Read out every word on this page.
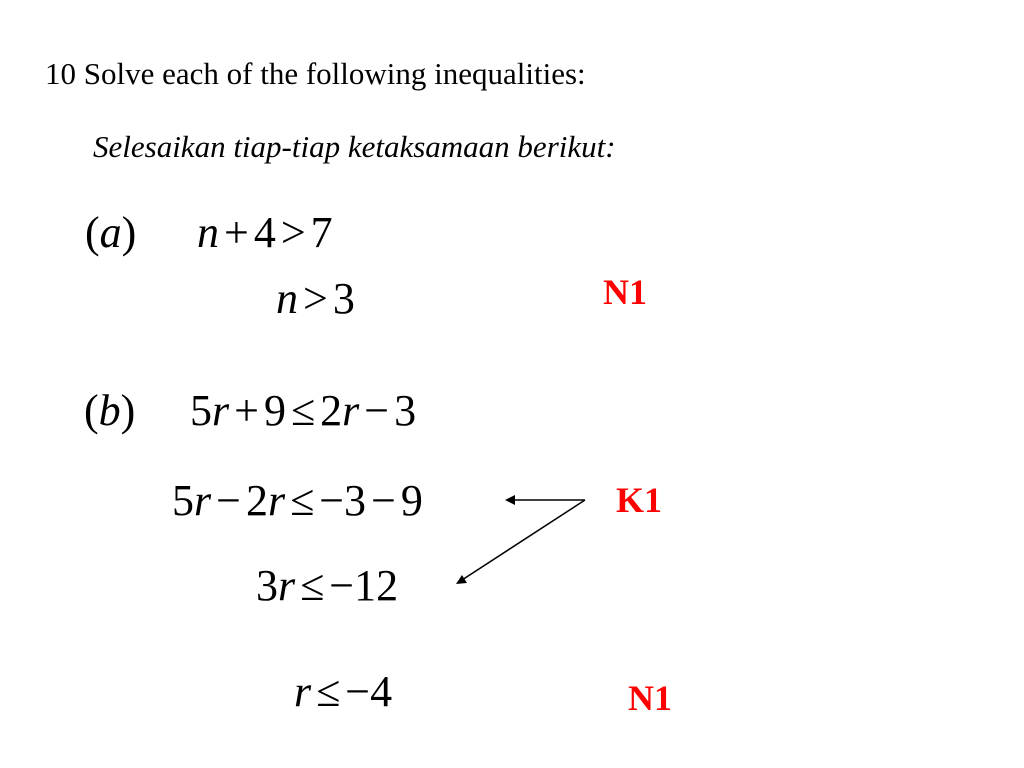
10 Solve each of the following inequalities:
Selesaikan tiap-tiap ketaksamaan berikut:
(a) n + 4 > 7
n > 3	N1
(b) 5r + 9 ≤ 2r − 3
5r − 2r ≤ −3 − 9	K1
3r ≤ −12
r ≤ −4	N1
